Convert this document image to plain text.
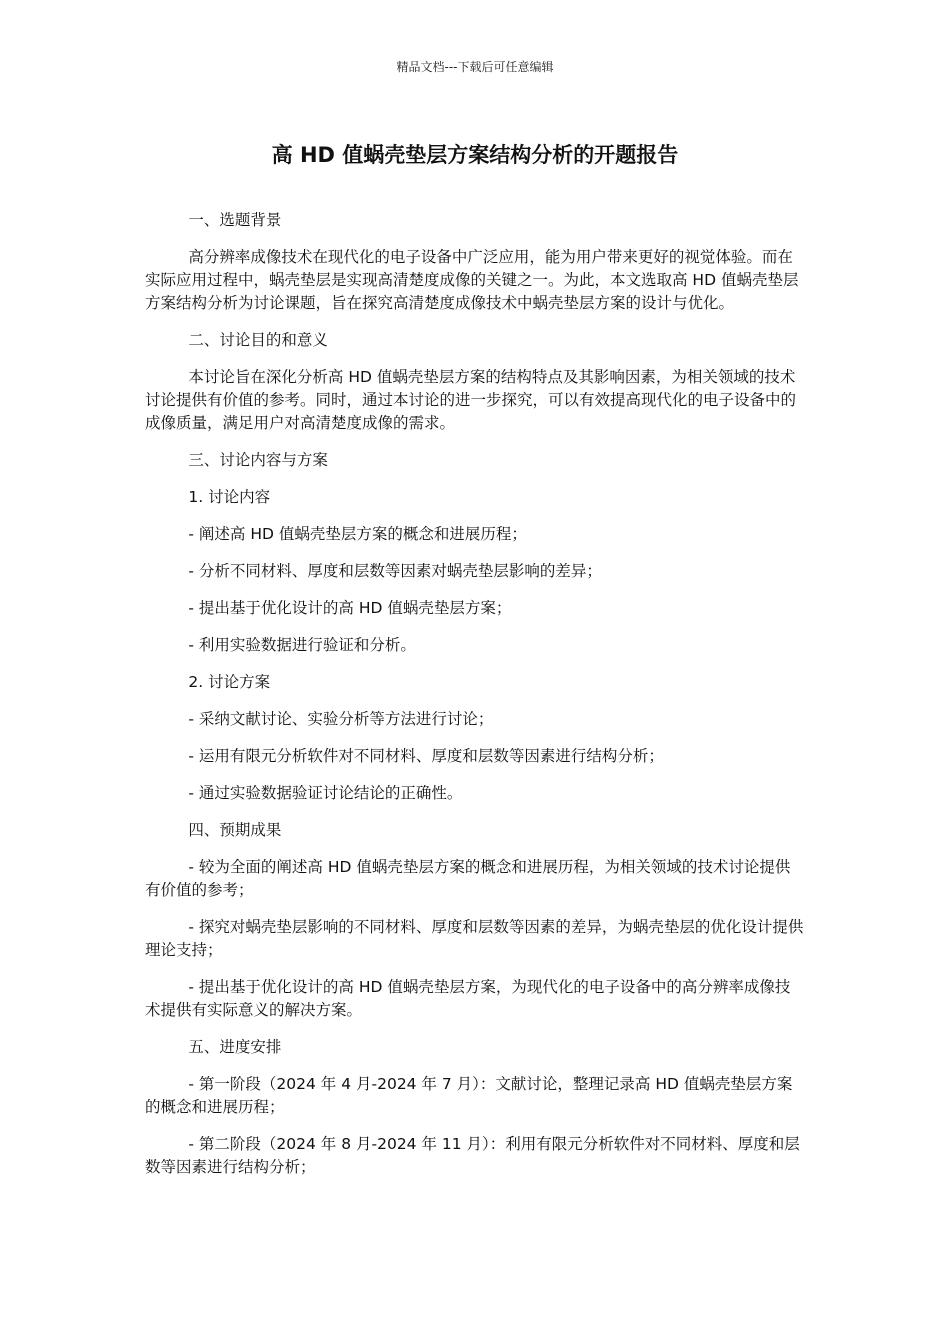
精品文档---下载后可任意编辑
高 HD 值蜗壳垫层方案结构分析的开题报告

一、选题背景

高分辨率成像技术在现代化的电子设备中广泛应用，能为用户带来更好的视觉体验。而在实际应用过程中，蜗壳垫层是实现高清楚度成像的关键之一。为此，本文选取高 HD 值蜗壳垫层方案结构分析为讨论课题，旨在探究高清楚度成像技术中蜗壳垫层方案的设计与优化。

二、讨论目的和意义

本讨论旨在深化分析高 HD 值蜗壳垫层方案的结构特点及其影响因素，为相关领域的技术讨论提供有价值的参考。同时，通过本讨论的进一步探究，可以有效提高现代化的电子设备中的成像质量，满足用户对高清楚度成像的需求。

三、讨论内容与方案

1. 讨论内容

- 阐述高 HD 值蜗壳垫层方案的概念和进展历程；

- 分析不同材料、厚度和层数等因素对蜗壳垫层影响的差异；

- 提出基于优化设计的高 HD 值蜗壳垫层方案；

- 利用实验数据进行验证和分析。

2. 讨论方案

- 采纳文献讨论、实验分析等方法进行讨论；

- 运用有限元分析软件对不同材料、厚度和层数等因素进行结构分析；

- 通过实验数据验证讨论结论的正确性。

四、预期成果

- 较为全面的阐述高 HD 值蜗壳垫层方案的概念和进展历程，为相关领域的技术讨论提供有价值的参考；

- 探究对蜗壳垫层影响的不同材料、厚度和层数等因素的差异，为蜗壳垫层的优化设计提供理论支持；

- 提出基于优化设计的高 HD 值蜗壳垫层方案，为现代化的电子设备中的高分辨率成像技术提供有实际意义的解决方案。

五、进度安排

- 第一阶段（2024 年 4 月-2024 年 7 月）：文献讨论，整理记录高 HD 值蜗壳垫层方案的概念和进展历程；

- 第二阶段（2024 年 8 月-2024 年 11 月）：利用有限元分析软件对不同材料、厚度和层数等因素进行结构分析；
